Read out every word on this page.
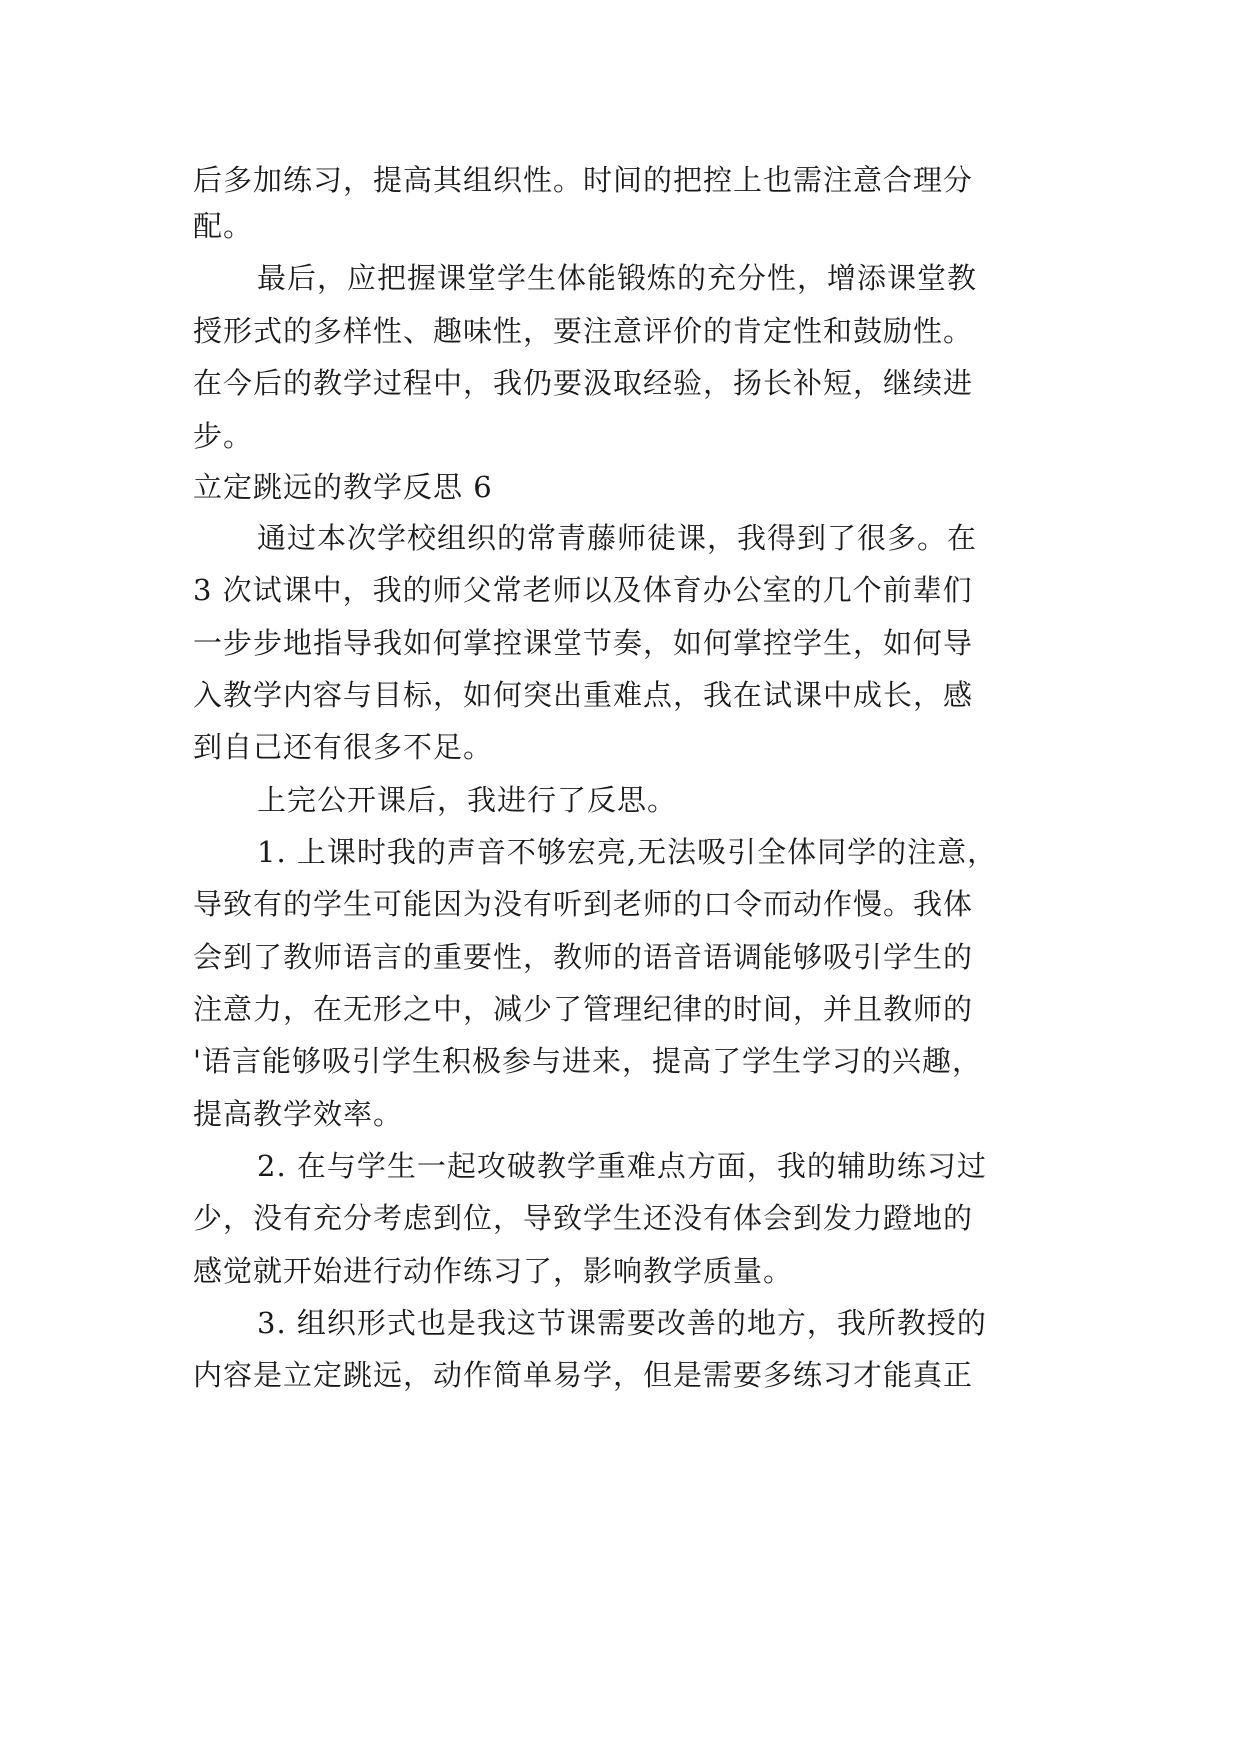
后多加练习，提高其组织性。时间的把控上也需注意合理分
配。
最后，应把握课堂学生体能锻炼的充分性，增添课堂教
授形式的多样性、趣味性，要注意评价的肯定性和鼓励性。
在今后的教学过程中，我仍要汲取经验，扬长补短，继续进
步。
立定跳远的教学反思 6
通过本次学校组织的常青藤师徒课，我得到了很多。在
3 次试课中，我的师父常老师以及体育办公室的几个前辈们
一步步地指导我如何掌控课堂节奏，如何掌控学生，如何导
入教学内容与目标，如何突出重难点，我在试课中成长，感
到自己还有很多不足。
上完公开课后，我进行了反思。
1. 上课时我的声音不够宏亮,无法吸引全体同学的注意，
导致有的学生可能因为没有听到老师的口令而动作慢。我体
会到了教师语言的重要性，教师的语音语调能够吸引学生的
注意力，在无形之中，减少了管理纪律的时间，并且教师的
'语言能够吸引学生积极参与进来，提高了学生学习的兴趣，
提高教学效率。
2. 在与学生一起攻破教学重难点方面，我的辅助练习过
少，没有充分考虑到位，导致学生还没有体会到发力蹬地的
感觉就开始进行动作练习了，影响教学质量。
3. 组织形式也是我这节课需要改善的地方，我所教授的
内容是立定跳远，动作简单易学，但是需要多练习才能真正
